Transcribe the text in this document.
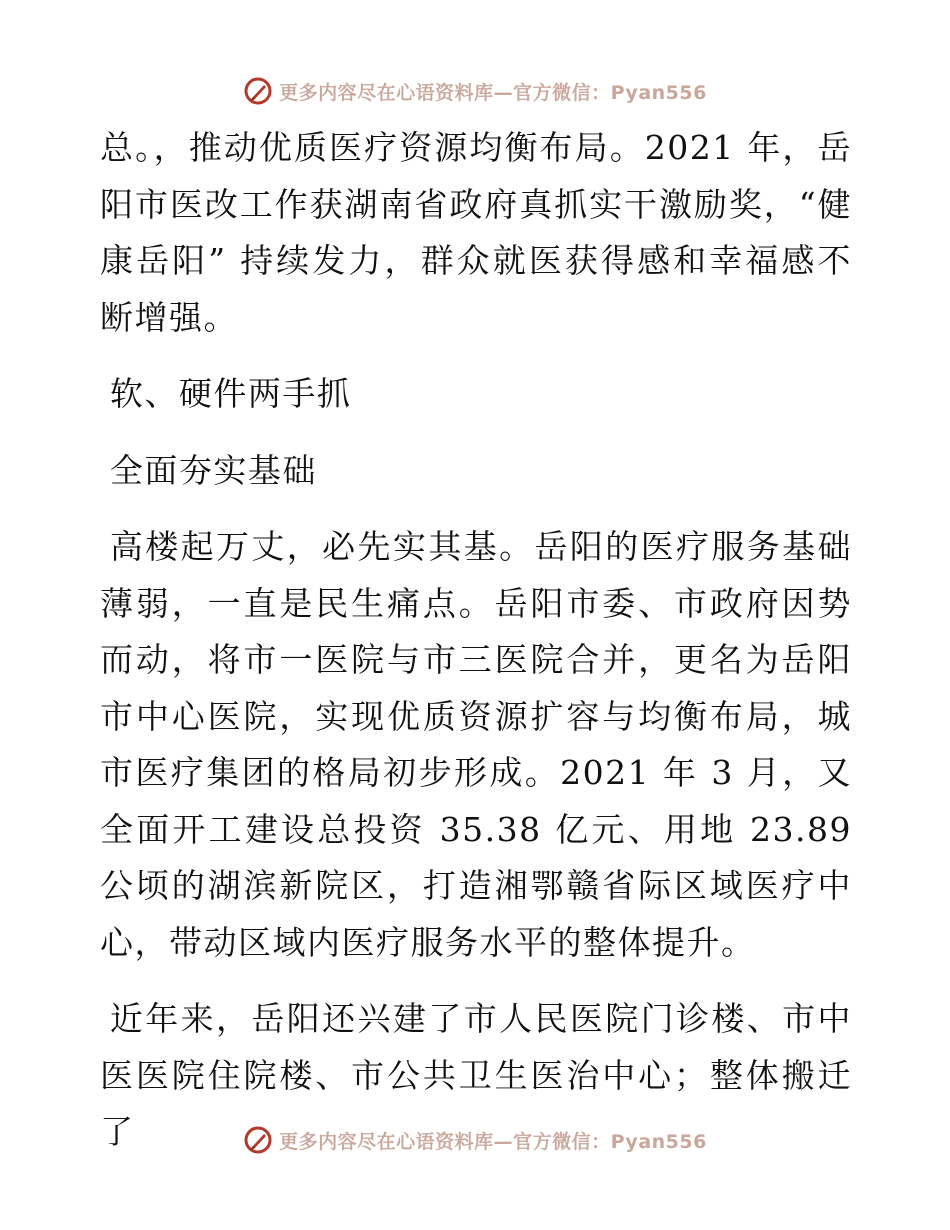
更多内容尽在心语资料库—官方微信：Pyan556

总。，推动优质医疗资源均衡布局。2021 年，岳阳市医改工作获湖南省政府真抓实干激励奖，“健康岳阳” 持续发力，群众就医获得感和幸福感不断增强。

软、硬件两手抓

全面夯实基础

高楼起万丈，必先实其基。岳阳的医疗服务基础薄弱，一直是民生痛点。岳阳市委、市政府因势而动，将市一医院与市三医院合并，更名为岳阳市中心医院，实现优质资源扩容与均衡布局，城市医疗集团的格局初步形成。2021 年 3 月，又全面开工建设总投资 35.38 亿元、用地 23.89 公顷的湖滨新院区，打造湘鄂赣省际区域医疗中心，带动区域内医疗服务水平的整体提升。

近年来，岳阳还兴建了市人民医院门诊楼、市中医医院住院楼、市公共卫生医治中心；整体搬迁了	更多内容尽在心语资料库—官方微信：Pyan556
